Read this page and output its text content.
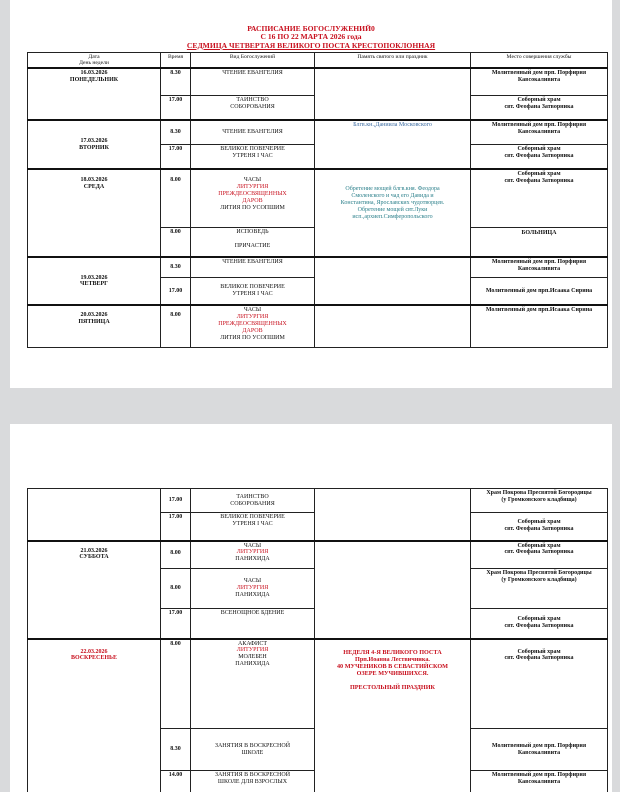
РАСПИСАНИЕ БОГОСЛУЖЕНИЙ0
С 16 ПО 22 МАРТА 2026 года
СЕДМИЦА ЧЕТВЕРТАЯ ВЕЛИКОГО ПОСТА КРЕСТОПОКЛОННАЯ
Дата
День недели	Время	Вид Богослужений	Память святого или праздник	Место совершения службы

16.03.2026
ПОНЕДЕЛЬНИК	8.30	ЧТЕНИЕ ЕВАНГЕЛИЯ		Молитвенный дом прп. Порфирия
Кавсокаливита

	17.00	ТАИНСТВО
СОБОРОВАНИЯ		Соборный храм
свт. Феофана Затворника

17.03.2026
ВТОРНИК	8.30	ЧТЕНИЕ ЕВАНГЕЛИЯ	Блгв.кн.,Даниила Московского	Молитвенный дом прп. Порфирия
Кавсокаливита

	17.00	ВЕЛИКОЕ ПОВЕЧЕРИЕ
УТРЕНЯ I ЧАС		Соборный храм
свт. Феофана Затворника

18.03.2026
СРЕДА	8.00	ЧАСЫ
ЛИТУРГИЯ
ПРЕЖДЕОСВЯЩЕННЫХ
ДАРОВ
ЛИТИЯ ПО УСОПШИМ	Обретение мощей блгв.кня. Феодора
Смоленского и чад его Давида и
Константина, Ярославских чудотворцев.
Обретение мощей свт.Луки
исп.,архиеп.Симферопольского	Соборный храм
свт. Феофана Затворника

	8.00	ИСПОВЕДЬ
ПРИЧАСТИЕ		БОЛЬНИЦА

19.03.2026
ЧЕТВЕРГ	8.30	ЧТЕНИЕ ЕВАНГЕЛИЯ		Молитвенный дом прп. Порфирия
Кавсокаливита

	17.00	ВЕЛИКОЕ ПОВЕЧЕРИЕ
УТРЕНЯ I ЧАС		Молитвенный дом прп.Исаака Сирина

20.03.2026
ПЯТНИЦА	8.00	ЧАСЫ
ЛИТУРГИЯ
ПРЕЖДЕОСВЯЩЕННЫХ
ДАРОВ
ЛИТИЯ ПО УСОПШИМ		Молитвенный дом прп.Исаака Сирина
	17.00	ТАИНСТВО
СОБОРОВАНИЯ		Храм Покрова Пресвятой Богородицы
(у Громковского кладбища)

	17.00	ВЕЛИКОЕ ПОВЕЧЕРИЕ
УТРЕНЯ I ЧАС		Соборный храм
свт. Феофана Затворника

21.03.2026
СУББОТА	8.00	ЧАСЫ
ЛИТУРГИЯ
ПАНИХИДА		Соборный храм
свт. Феофана Затворника

	8.00	ЧАСЫ
ЛИТУРГИЯ
ПАНИХИДА		Храм Покрова Пресвятой Богородицы
(у Громковского кладбища)

	17.00	ВСЕНОЩНОЕ БДЕНИЕ		Соборный храм
свт. Феофана Затворника

22.03.2026
ВОСКРЕСЕНЬЕ	8.00	АКАФИСТ
ЛИТУРГИЯ
МОЛЕБЕН
ПАНИХИДА	НЕДЕЛЯ 4-Я ВЕЛИКОГО ПОСТА
Прп.Иоанна Лествичника.
40 МУЧЕНИКОВ В СЕВАСТИЙСКОМ
ОЗЕРЕ МУЧИВШИХСЯ.
ПРЕСТОЛЬНЫЙ ПРАЗДНИК	Соборный храм
свт. Феофана Затворника

	8.30	ЗАНЯТИЯ В ВОСКРЕСНОЙ
ШКОЛЕ		Молитвенный дом прп. Порфирия
Кавсокаливита

	14.00	ЗАНЯТИЯ В ВОСКРЕСНОЙ
ШКОЛЕ ДЛЯ ВЗРОСЛЫХ		Молитвенный дом прп. Порфирия
Кавсокаливита
